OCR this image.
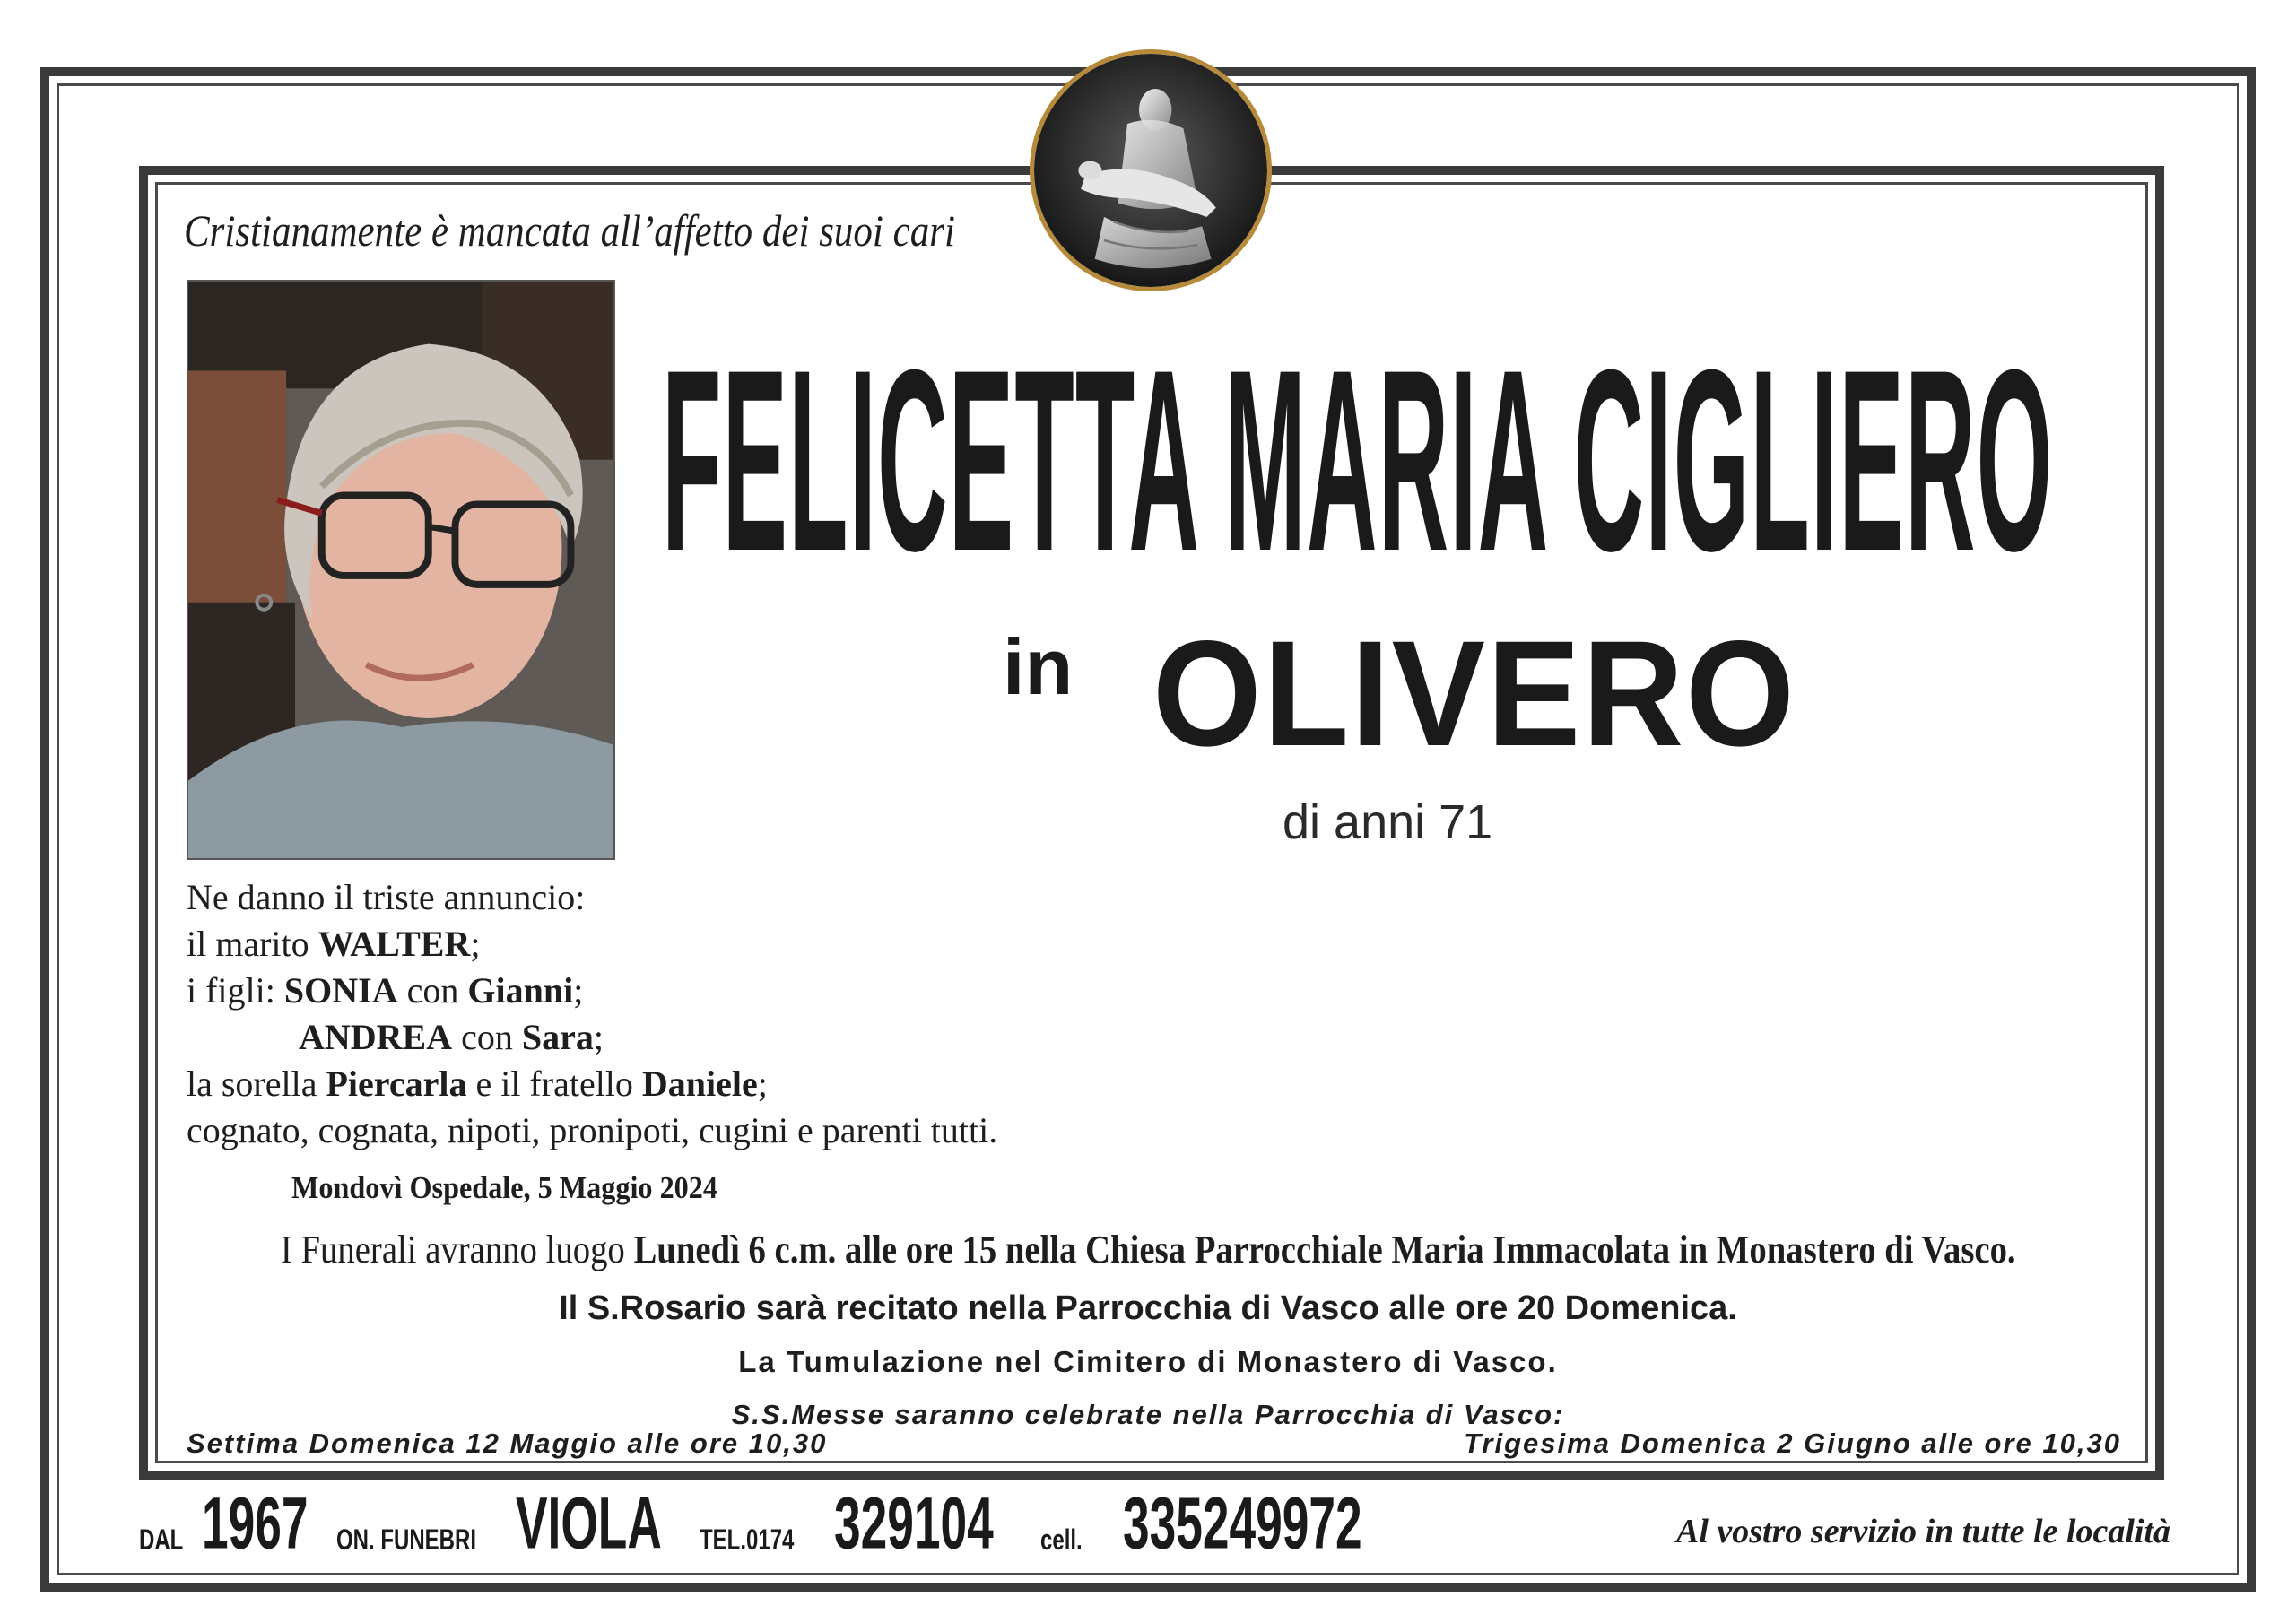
Cristianamente è mancata all’affetto dei suoi cari
FELICETTA MARIA CIGLIERO
in OLIVERO
di anni 71
Ne danno il triste annuncio:
il marito WALTER;
i figli: SONIA con Gianni;
ANDREA con Sara;
la sorella Piercarla e il fratello Daniele;
cognato, cognata, nipoti, pronipoti, cugini e parenti tutti.
Mondovì Ospedale, 5 Maggio 2024
I Funerali avranno luogo Lunedì 6 c.m. alle ore 15 nella Chiesa Parrocchiale Maria Immacolata in Monastero di Vasco.
Il S.Rosario sarà recitato nella Parrocchia di Vasco alle ore 20 Domenica.
La Tumulazione nel Cimitero di Monastero di Vasco.
S.S.Messe saranno celebrate nella Parrocchia di Vasco:
Settima Domenica 12 Maggio alle ore 10,30	Trigesima Domenica 2 Giugno alle ore 10,30
DAL 1967 ON. FUNEBRI VIOLA TEL.0174 329104 cell. 335249972	Al vostro servizio in tutte le località
